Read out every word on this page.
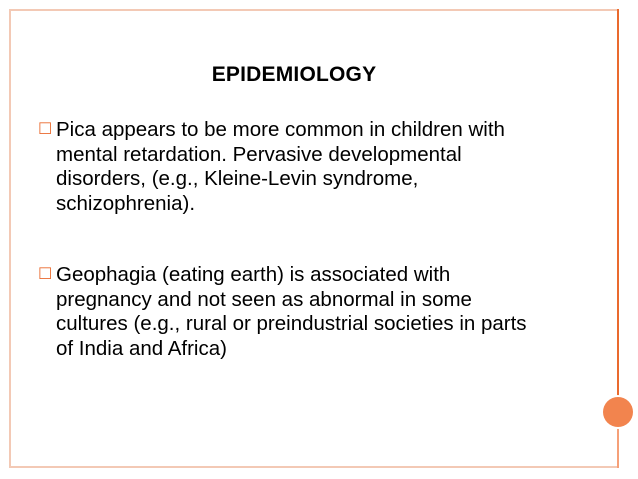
EPIDEMIOLOGY
☐ Pica appears to be more common in children with mental retardation. Pervasive developmental disorders, (e.g., Kleine-Levin syndrome, schizophrenia).
☐ Geophagia (eating earth) is associated with pregnancy and not seen as abnormal in some cultures (e.g., rural or preindustrial societies in parts of India and Africa)
